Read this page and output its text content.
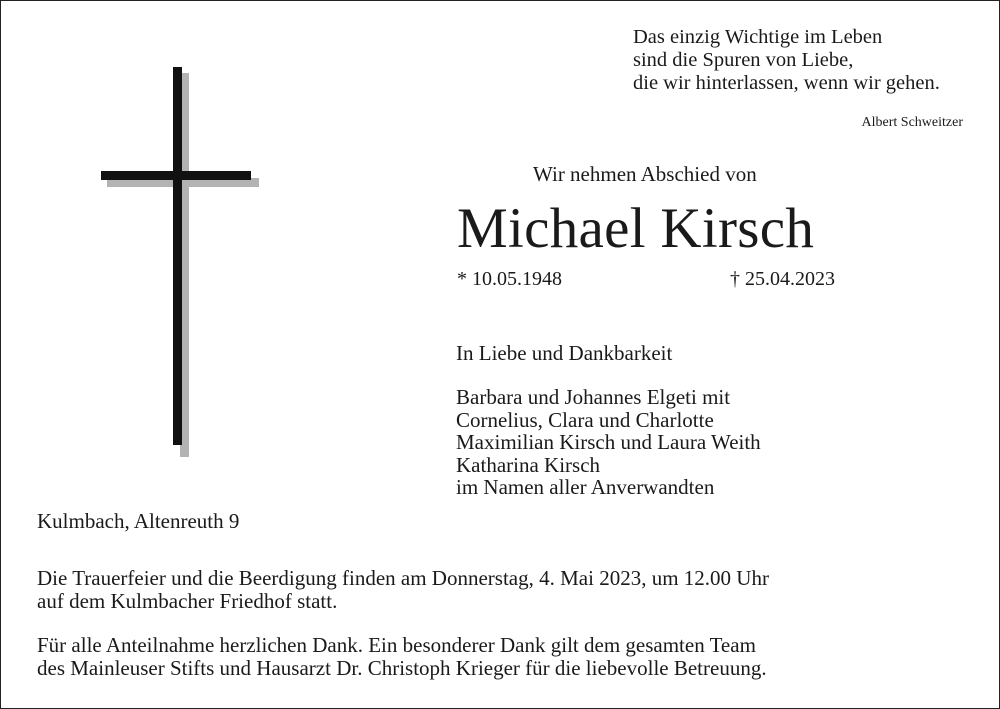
Das einzig Wichtige im Leben
sind die Spuren von Liebe,
die wir hinterlassen, wenn wir gehen.
Albert Schweitzer
Wir nehmen Abschied von
Michael Kirsch
* 10.05.1948	† 25.04.2023
In Liebe und Dankbarkeit
Barbara und Johannes Elgeti mit
Cornelius, Clara und Charlotte
Maximilian Kirsch und Laura Weith
Katharina Kirsch
im Namen aller Anverwandten
Kulmbach, Altenreuth 9
Die Trauerfeier und die Beerdigung finden am Donnerstag, 4. Mai 2023, um 12.00 Uhr
auf dem Kulmbacher Friedhof statt.
Für alle Anteilnahme herzlichen Dank. Ein besonderer Dank gilt dem gesamten Team
des Mainleuser Stifts und Hausarzt Dr. Christoph Krieger für die liebevolle Betreuung.
